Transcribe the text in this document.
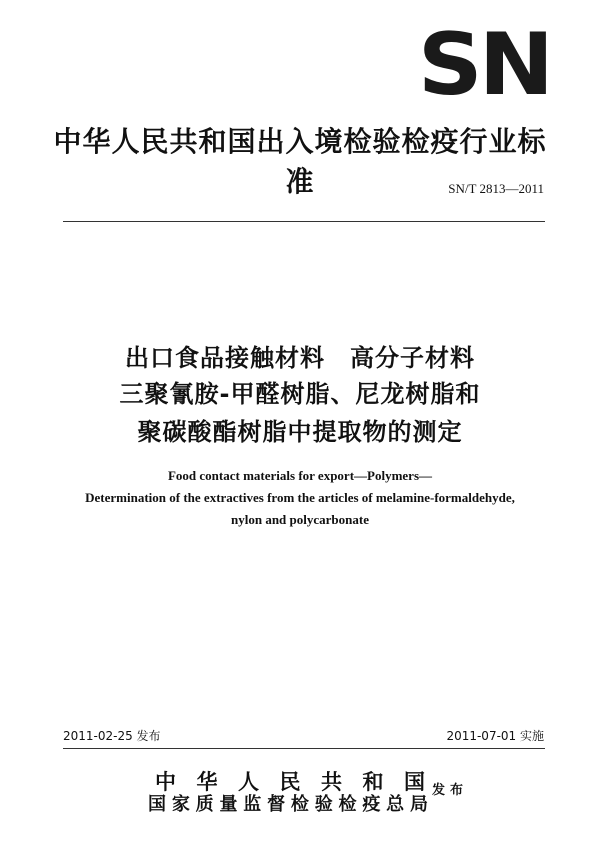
SN
中华人民共和国出入境检验检疫行业标准	SN/T 2813—2011
出口食品接触材料　高分子材料
三聚氰胺-甲醛树脂、尼龙树脂和
聚碳酸酯树脂中提取物的测定
Food contact materials for export—Polymers—
Determination of the extractives from the articles of melamine-formaldehyde,
nylon and polycarbonate
2011-02-25 发布	2011-07-01 实施
中华人民共和国
国家质量监督检验检疫总局
发布
